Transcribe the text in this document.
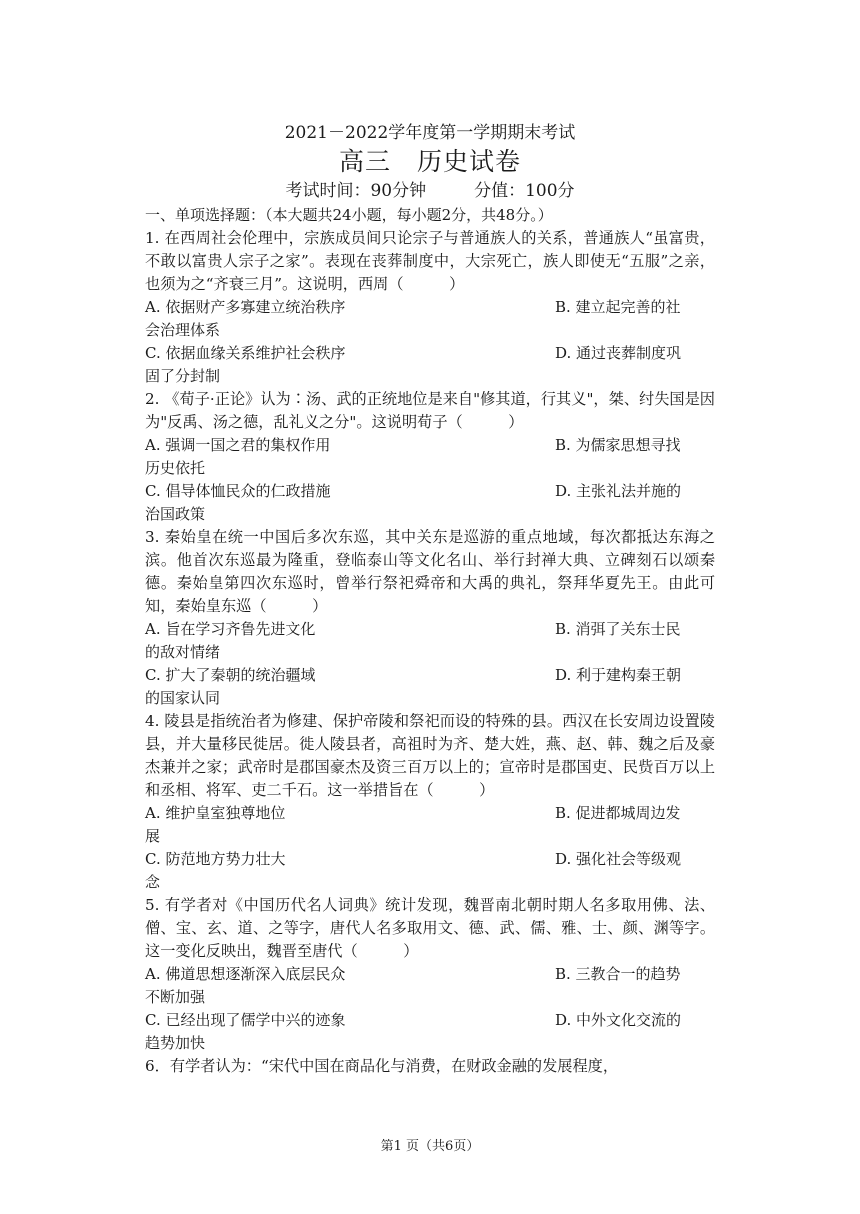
2021－2022学年度第一学期期末考试

高三　历史试卷

考试时间：90分钟	分值：100分

一、单项选择题：（本大题共24小题，每小题2分，共48分。）

1. 在西周社会伦理中，宗族成员间只论宗子与普通族人的关系，普通族人“虽富贵，不敢以富贵人宗子之家”。表现在丧葬制度中，大宗死亡，族人即使无“五服”之亲，也须为之“齐衰三月”。这说明，西周（　　　）

A. 依据财产多寡建立统治秩序	B. 建立起完善的社
会治理体系
C. 依据血缘关系维护社会秩序	D. 通过丧葬制度巩
固了分封制

2. 《荀子·正论》认为∶汤、武的正统地位是来自"修其道，行其义"，桀、纣失国是因为"反禹、汤之德，乱礼义之分"。这说明荀子（　　　）

A. 强调一国之君的集权作用	B. 为儒家思想寻找
历史依托
C. 倡导体恤民众的仁政措施	D. 主张礼法并施的
治国政策

3. 秦始皇在统一中国后多次东巡，其中关东是巡游的重点地域，每次都抵达东海之滨。他首次东巡最为隆重，登临泰山等文化名山、举行封禅大典、立碑刻石以颂秦德。秦始皇第四次东巡时，曾举行祭祀舜帝和大禹的典礼，祭拜华夏先王。由此可知，秦始皇东巡（　　　）

A. 旨在学习齐鲁先进文化	B. 消弭了关东士民
的敌对情绪
C. 扩大了秦朝的统治疆域	D. 利于建构秦王朝
的国家认同

4. 陵县是指统治者为修建、保护帝陵和祭祀而设的特殊的县。西汉在长安周边设置陵县，并大量移民徙居。徙人陵县者，高祖时为齐、楚大姓，燕、赵、韩、魏之后及豪杰兼并之家；武帝时是郡国豪杰及资三百万以上的；宣帝时是郡国吏、民赀百万以上和丞相、将军、吏二千石。这一举措旨在（　　　）

A. 维护皇室独尊地位	B. 促进都城周边发
展
C. 防范地方势力壮大	D. 强化社会等级观
念

5. 有学者对《中国历代名人词典》统计发现，魏晋南北朝时期人名多取用佛、法、僧、宝、玄、道、之等字，唐代人名多取用文、德、武、儒、雅、士、颜、渊等字。这一变化反映出，魏晋至唐代（　　　）

A. 佛道思想逐渐深入底层民众	B. 三教合一的趋势
不断加强
C. 已经出现了儒学中兴的迹象	D. 中外文化交流的
趋势加快

6．有学者认为：“宋代中国在商品化与消费，在财政金融的发展程度，

第1 页（共6页）
